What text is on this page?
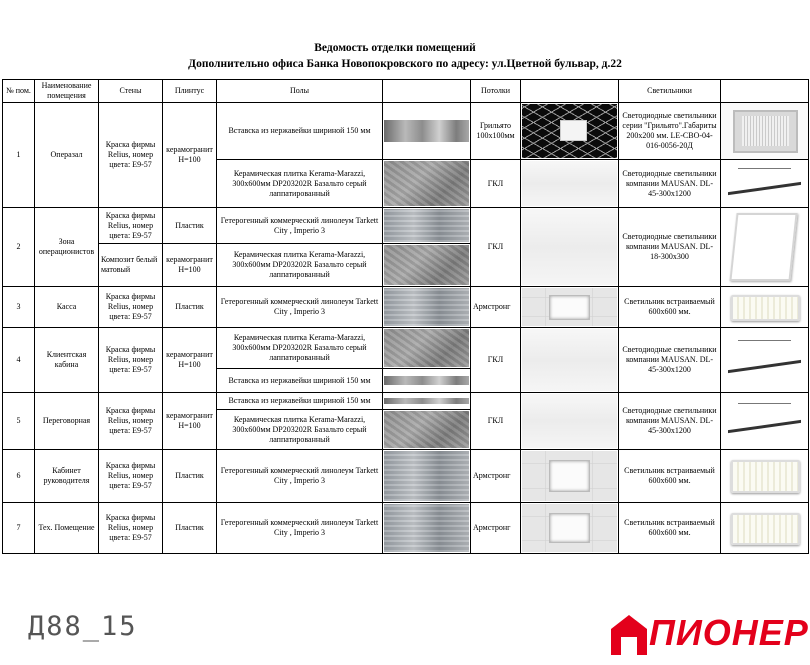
Ведомость отделки помещений
Дополнительно офиса Банка Новопокровского по адресу: ул.Цветной бульвар, д.22
№ пом.	Наименование помещения	Стены	Плинтус	Полы		Потолки		Светильники	
1	Операзал	Краска фирмы Relius, номер цвета: E9-57	керамогранит H=100	Вставска из нержавейки шириной 150 мм		Грильято 100х100мм		Светодиодные светильники серии "Грильято".Габариты 200х200 мм. LE-CBO-04-016-0056-20Д	

				Керамическая плитка Kerama-Marazzi, 300х600мм DP203202R Базальто серый лаппатированный		ГКЛ		Светодиодные светильники компании MAUSAN. DL-45-300х1200	

2	Зона операционистов	Краска фирмы Relius, номер цвета: E9-57	Пластик	Гетерогенный коммерческий линолеум Tarkett City , Imperio 3		ГКЛ		Светодиодные светильники компании MAUSAN. DL-18-300х300	

		Композит белый матовый	керамогранит H=100	Керамическая плитка Kerama-Marazzi, 300х600мм DP203202R Базальто серый лаппатированный					

3	Касса	Краска фирмы Relius, номер цвета: E9-57	Пластик	Гетерогенный коммерческий линолеум Tarkett City , Imperio 3		Армстронг		Светильник встраиваемый 600х600 мм.	

4	Клиентская кабина	Краска фирмы Relius, номер цвета: E9-57	керамогранит H=100	Керамическая плитка Kerama-Marazzi, 300х600мм DP203202R Базальто серый лаппатированный		ГКЛ		Светодиодные светильники компании MAUSAN. DL-45-300х1200	

				Вставска из нержавейки шириной 150 мм					

5	Переговорная	Краска фирмы Relius, номер цвета: E9-57	керамогранит H=100	Вставска из нержавейки шириной 150 мм		ГКЛ		Светодиодные светильники компании MAUSAN. DL-45-300х1200	

				Керамическая плитка Kerama-Marazzi, 300х600мм DP203202R Базальто серый лаппатированный					

6	Кабинет руководителя	Краска фирмы Relius, номер цвета: E9-57	Пластик	Гетерогенный коммерческий линолеум Tarkett City , Imperio 3		Армстронг		Светильник встраиваемый 600х600 мм.	

7	Тех. Помещение	Краска фирмы Relius, номер цвета: E9-57	Пластик	Гетерогенный коммерческий линолеум Tarkett City , Imperio 3		Армстронг		Светильник встраиваемый 600х600 мм.	
Д88_15	ПИОНЕР
